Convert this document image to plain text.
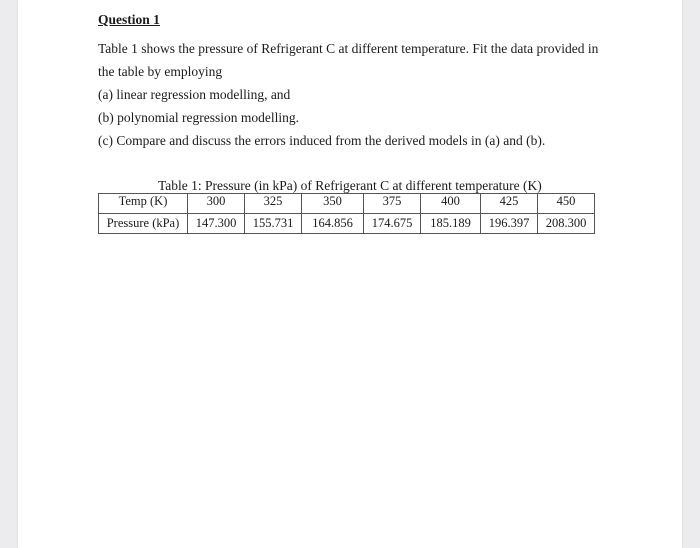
Question 1
Table 1 shows the pressure of Refrigerant C at different temperature. Fit the data provided in
the table by employing
(a) linear regression modelling, and
(b) polynomial regression modelling.
(c) Compare and discuss the errors induced from the derived models in (a) and (b).
Table 1: Pressure (in kPa) of Refrigerant C at different temperature (K)
Temp (K)	300	325	350	375	400	425	450
Pressure (kPa)	147.300	155.731	164.856	174.675	185.189	196.397	208.300
